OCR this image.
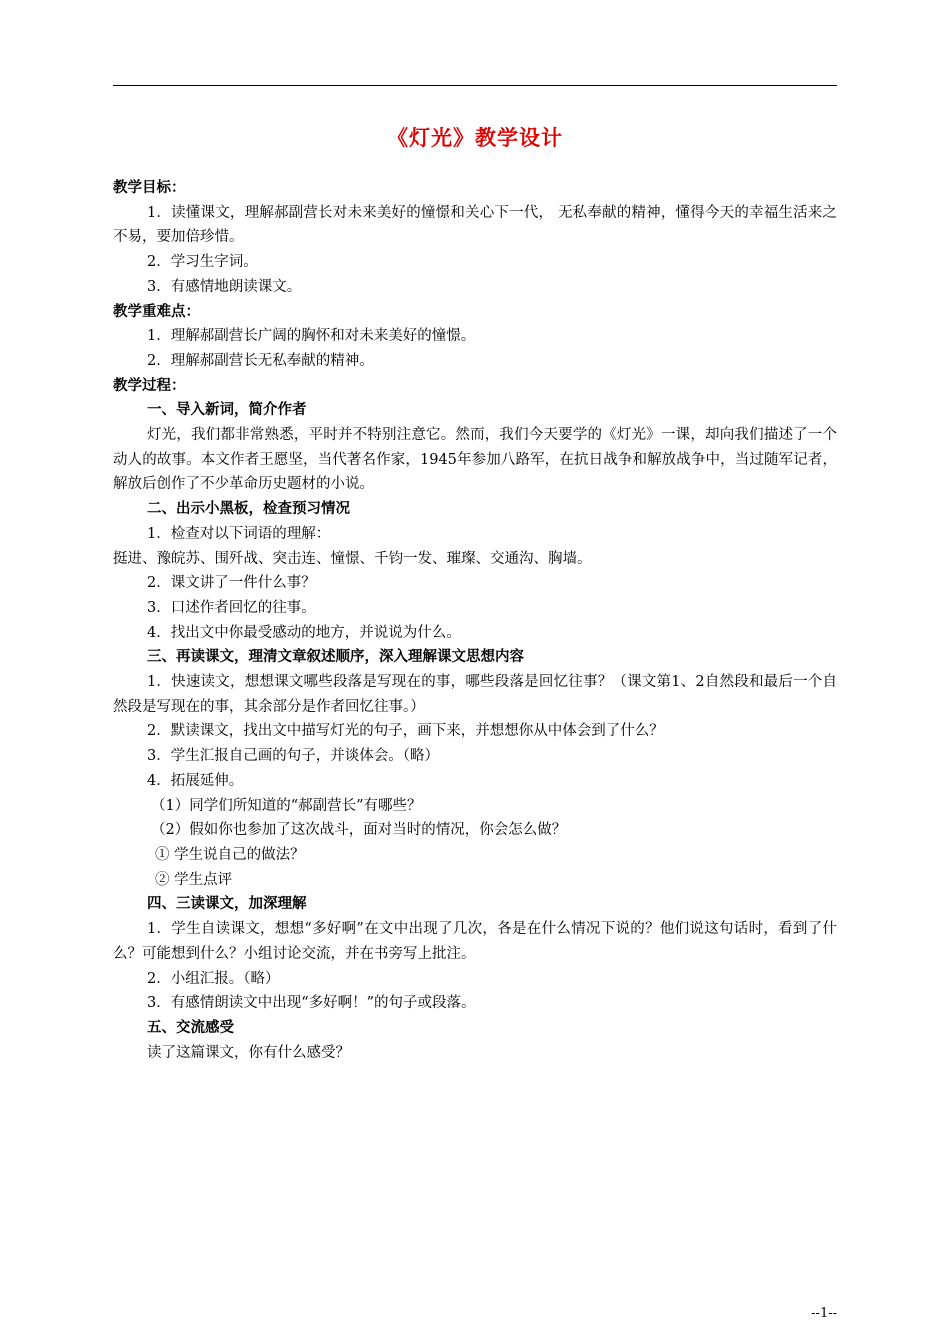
《灯光》教学设计

教学目标：

1．读懂课文，理解郝副营长对未来美好的憧憬和关心下一代， 无私奉献的精神，懂得今天的幸福生活来之不易，要加倍珍惜。

2．学习生字词。

3．有感情地朗读课文。

教学重难点：

1．理解郝副营长广阔的胸怀和对未来美好的憧憬。

2．理解郝副营长无私奉献的精神。

教学过程：

一、导入新词，简介作者

灯光，我们都非常熟悉，平时并不特别注意它。然而，我们今天要学的《灯光》一课，却向我们描述了一个动人的故事。本文作者王愿坚，当代著名作家，1945年参加八路军，在抗日战争和解放战争中，当过随军记者，解放后创作了不少革命历史题材的小说。

二、出示小黑板，检查预习情况

1．检查对以下词语的理解：

挺进、豫皖苏、围歼战、突击连、憧憬、千钧一发、璀璨、交通沟、胸墙。

2．课文讲了一件什么事？

3．口述作者回忆的往事。

4．找出文中你最受感动的地方，并说说为什么。

三、再读课文，理清文章叙述顺序，深入理解课文思想内容

1．快速读文，想想课文哪些段落是写现在的事，哪些段落是回忆往事？（课文第1、2自然段和最后一个自然段是写现在的事，其余部分是作者回忆往事。）

2．默读课文，找出文中描写灯光的句子，画下来，并想想你从中体会到了什么？

3．学生汇报自己画的句子，并谈体会。（略）

4．拓展延伸。

（1）同学们所知道的“郝副营长”有哪些？

（2）假如你也参加了这次战斗，面对当时的情况，你会怎么做？

① 学生说自己的做法？

② 学生点评

四、三读课文，加深理解

1．学生自读课文，想想“多好啊”在文中出现了几次，各是在什么情况下说的？他们说这句话时，看到了什么？可能想到什么？小组讨论交流，并在书旁写上批注。

2．小组汇报。（略）

3．有感情朗读文中出现“多好啊！”的句子或段落。

五、交流感受

读了这篇课文，你有什么感受？

--1--
